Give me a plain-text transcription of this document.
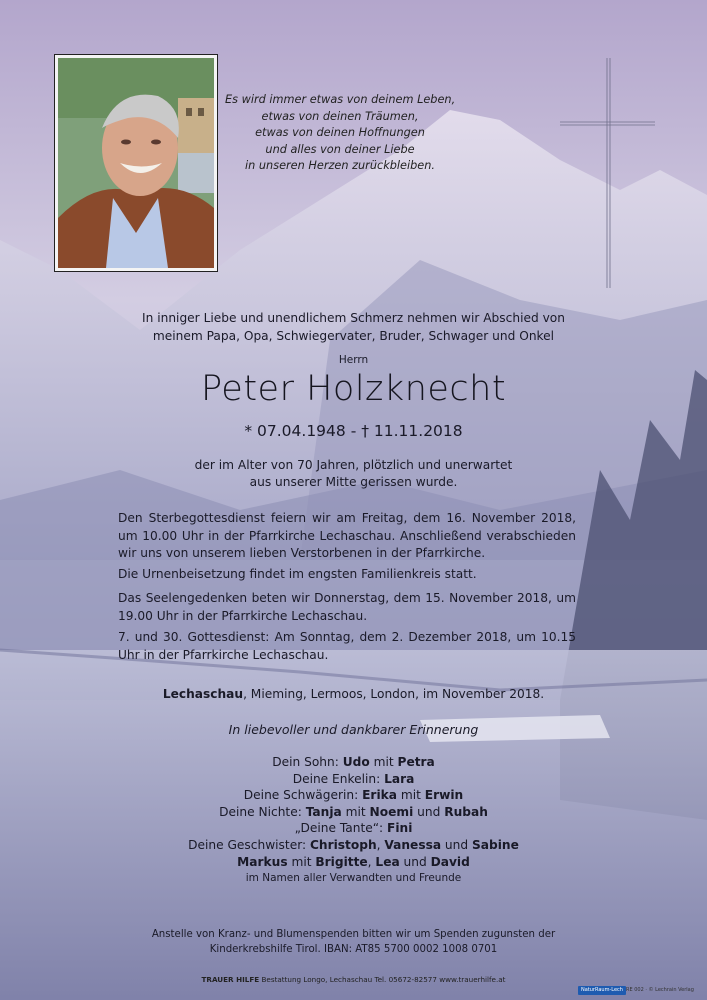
Es wird immer etwas von deinem Leben,
etwas von deinen Träumen,
etwas von deinen Hoffnungen
und alles von deiner Liebe
in unseren Herzen zurückbleiben.
In inniger Liebe und unendlichem Schmerz nehmen wir Abschied von
meinem Papa, Opa, Schwiegervater, Bruder, Schwager und Onkel
Herrn
Peter Holzknecht
* 07.04.1948 - † 11.11.2018
der im Alter von 70 Jahren, plötzlich und unerwartet
aus unserer Mitte gerissen wurde.
Den Sterbegottesdienst feiern wir am Freitag, dem 16. November 2018, um 10.00 Uhr in der Pfarrkirche Lechaschau. Anschließend verabschieden wir uns von unserem lieben Verstorbenen in der Pfarrkirche.
Die Urnenbeisetzung findet im engsten Familienkreis statt.
Das Seelengedenken beten wir Donnerstag, dem 15. November 2018, um 19.00 Uhr in der Pfarrkirche Lechaschau.
7. und 30. Gottesdienst: Am Sonntag, dem 2. Dezember 2018, um 10.15 Uhr in der Pfarrkirche Lechaschau.
Lechaschau, Mieming, Lermoos, London, im November 2018.
In liebevoller und dankbarer Erinnerung
Dein Sohn: Udo mit Petra
Deine Enkelin: Lara
Deine Schwägerin: Erika mit Erwin
Deine Nichte: Tanja mit Noemi und Rubah
„Deine Tante“: Fini
Deine Geschwister: Christoph, Vanessa und Sabine
Markus mit Brigitte, Lea und David
im Namen aller Verwandten und Freunde
Anstelle von Kranz- und Blumenspenden bitten wir um Spenden zugunsten der
Kinderkrebshilfe Tirol. IBAN: AT85 5700 0002 1008 0701
TRAUER HILFE Bestattung Longo, Lechaschau Tel. 05672-82577 www.trauerhilfe.at
NaturRaum-Lech RE 002 · © Lechrain Verlag
